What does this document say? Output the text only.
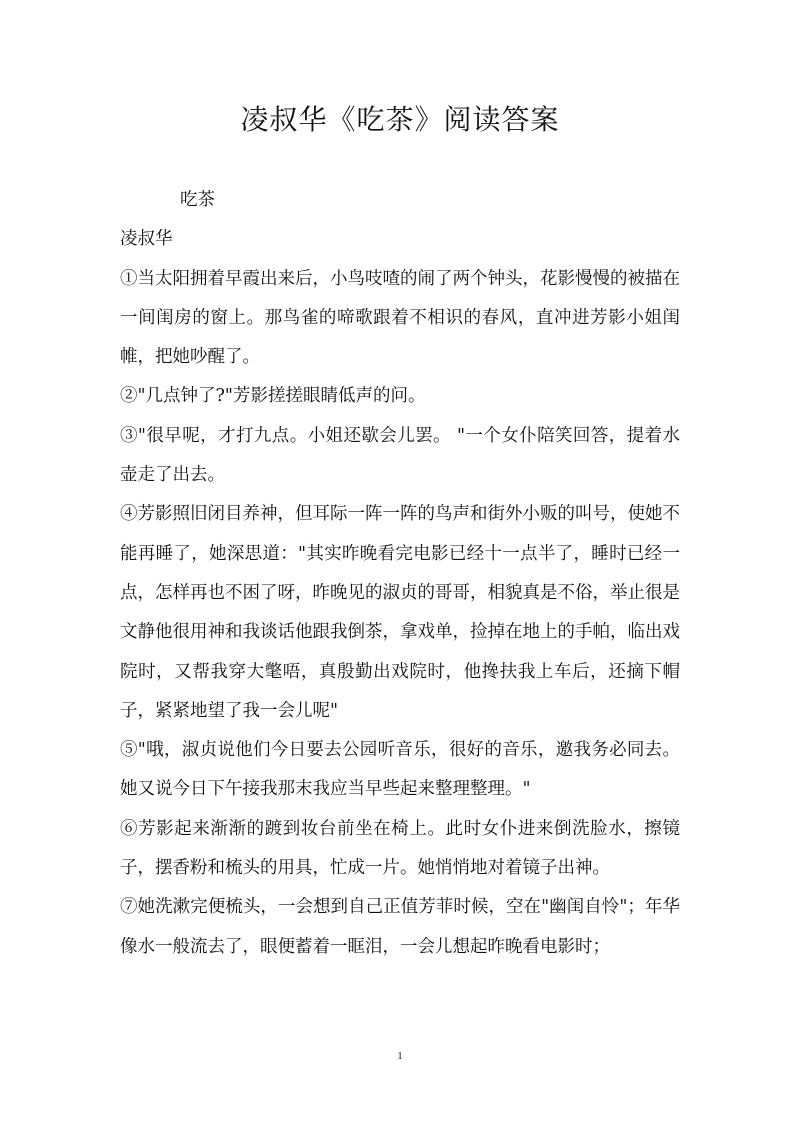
凌叔华《吃茶》阅读答案

吃茶

凌叔华

①当太阳拥着早霞出来后，小鸟吱喳的闹了两个钟头，花影慢慢的被描在一间闺房的窗上。那鸟雀的啼歌跟着不相识的春风，直冲进芳影小姐闺帷，把她吵醒了。

②"几点钟了?"芳影搓搓眼睛低声的问。

③"很早呢，才打九点。小姐还歇会儿罢。 "一个女仆陪笑回答，提着水壶走了出去。

④芳影照旧闭目养神，但耳际一阵一阵的鸟声和街外小贩的叫号，使她不能再睡了，她深思道："其实昨晚看完电影已经十一点半了，睡时已经一点，怎样再也不困了呀，昨晚见的淑贞的哥哥，相貌真是不俗，举止很是文静他很用神和我谈话他跟我倒茶，拿戏单，捡掉在地上的手帕，临出戏院时，又帮我穿大氅唔，真殷勤出戏院时，他搀扶我上车后，还摘下帽子，紧紧地望了我一会儿呢"

⑤"哦，淑贞说他们今日要去公园听音乐，很好的音乐，邀我务必同去。她又说今日下午接我那末我应当早些起来整理整理。"

⑥芳影起来渐渐的踱到妆台前坐在椅上。此时女仆进来倒洗脸水，擦镜子，摆香粉和梳头的用具，忙成一片。她悄悄地对着镜子出神。

⑦她洗漱完便梳头，一会想到自己正值芳菲时候，空在"幽闺自怜"；年华像水一般流去了，眼便蓄着一眶泪，一会儿想起昨晚看电影时；

1
